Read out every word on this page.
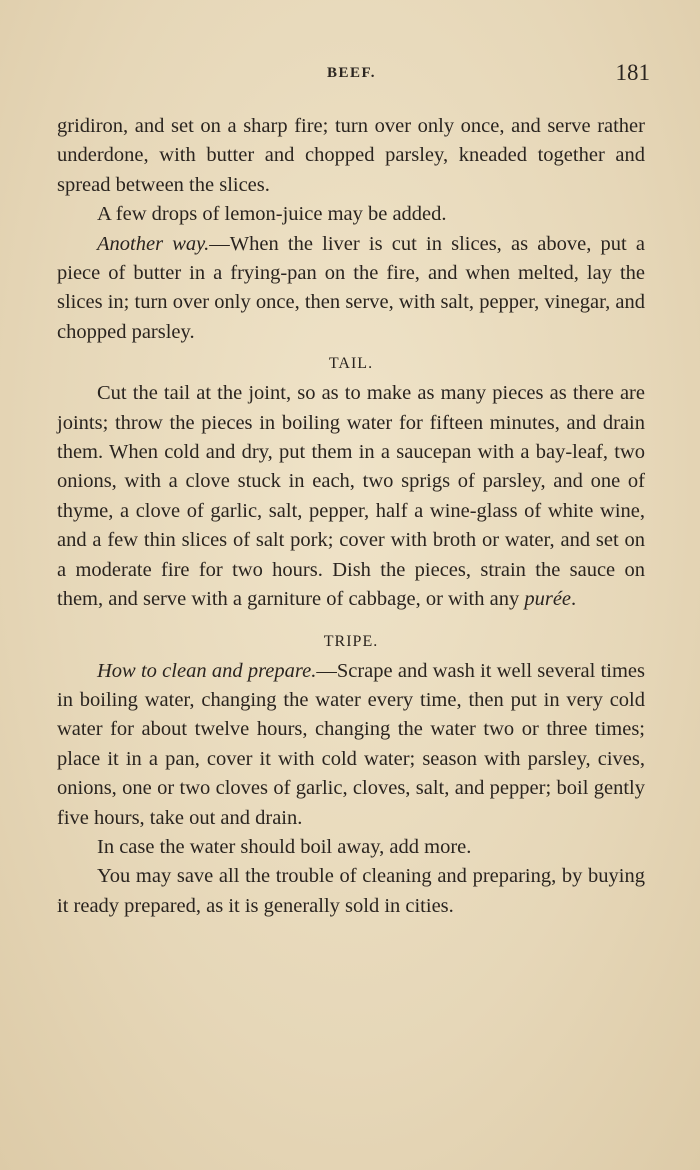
BEEF.	181

gridiron, and set on a sharp fire; turn over only once, and serve rather underdone, with butter and chopped parsley, kneaded together and spread between the slices.

A few drops of lemon-juice may be added.

Another way.—When the liver is cut in slices, as above, put a piece of butter in a frying-pan on the fire, and when melted, lay the slices in; turn over only once, then serve, with salt, pepper, vinegar, and chopped parsley.

TAIL.

Cut the tail at the joint, so as to make as many pieces as there are joints; throw the pieces in boiling water for fifteen minutes, and drain them. When cold and dry, put them in a saucepan with a bay-leaf, two onions, with a clove stuck in each, two sprigs of parsley, and one of thyme, a clove of garlic, salt, pepper, half a wine-glass of white wine, and a few thin slices of salt pork; cover with broth or water, and set on a moderate fire for two hours. Dish the pieces, strain the sauce on them, and serve with a garniture of cabbage, or with any purée.

TRIPE.

How to clean and prepare.—Scrape and wash it well several times in boiling water, changing the water every time, then put in very cold water for about twelve hours, changing the water two or three times; place it in a pan, cover it with cold water; season with parsley, cives, onions, one or two cloves of garlic, cloves, salt, and pepper; boil gently five hours, take out and drain.

In case the water should boil away, add more.

You may save all the trouble of cleaning and preparing, by buying it ready prepared, as it is generally sold in cities.
